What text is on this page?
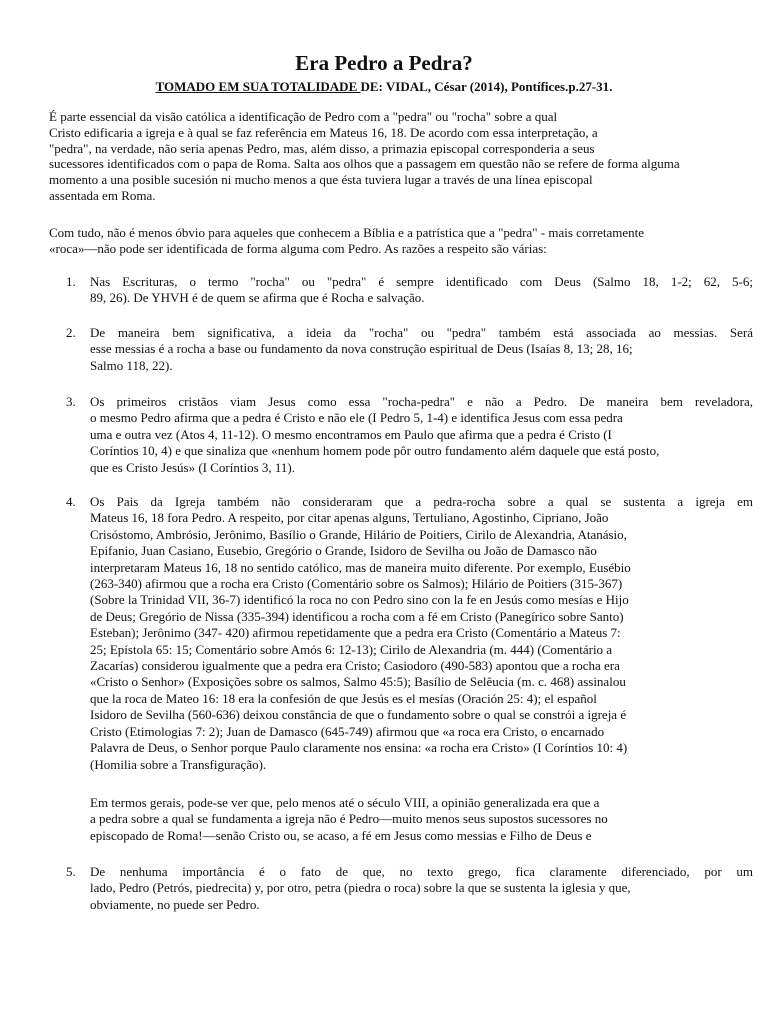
Era Pedro a Pedra?
TOMADO EM SUA TOTALIDADE DE: VIDAL, César (2014), Pontífices.p.27-31.
É parte essencial da visão católica a identificação de Pedro com a "pedra" ou "rocha" sobre a qual
Cristo edificaria a igreja e à qual se faz referência em Mateus 16, 18. De acordo com essa interpretação, a
"pedra", na verdade, não seria apenas Pedro, mas, além disso, a primazia episcopal corresponderia a seus
sucessores identificados com o papa de Roma. Salta aos olhos que a passagem em questão não se refere de forma alguma
momento a una posible sucesión ni mucho menos a que ésta tuviera lugar a través de una línea episcopal
assentada em Roma.
Com tudo, não é menos óbvio para aqueles que conhecem a Bíblia e a patrística que a "pedra" - mais corretamente
«roca»—não pode ser identificada de forma alguma com Pedro. As razões a respeito são várias:
1.	Nas Escrituras, o termo "rocha" ou "pedra" é sempre identificado com Deus (Salmo 18, 1-2; 62, 5-6;
89, 26). De YHVH é de quem se afirma que é Rocha e salvação.
2.	De maneira bem significativa, a ideia da "rocha" ou "pedra" também está associada ao messias. Será
esse messias é a rocha a base ou fundamento da nova construção espiritual de Deus (Isaías 8, 13; 28, 16;
Salmo 118, 22).
3.	Os primeiros cristãos viam Jesus como essa "rocha-pedra" e não a Pedro. De maneira bem reveladora,
o mesmo Pedro afirma que a pedra é Cristo e não ele (I Pedro 5, 1-4) e identifica Jesus com essa pedra
uma e outra vez (Atos 4, 11-12). O mesmo encontramos em Paulo que afirma que a pedra é Cristo (I
Coríntios 10, 4) e que sinaliza que «nenhum homem pode pôr outro fundamento além daquele que está posto,
que es Cristo Jesús» (I Coríntios 3, 11).
4.	Os Pais da Igreja também não consideraram que a pedra-rocha sobre a qual se sustenta a igreja em
Mateus 16, 18 fora Pedro. A respeito, por citar apenas alguns, Tertuliano, Agostinho, Cipriano, João
Crisóstomo, Ambrósio, Jerônimo, Basílio o Grande, Hilário de Poitiers, Cirilo de Alexandria, Atanásio,
Epifanio, Juan Casiano, Eusebio, Gregório o Grande, Isidoro de Sevilha ou João de Damasco não
interpretaram Mateus 16, 18 no sentido católico, mas de maneira muito diferente. Por exemplo, Eusébio
(263-340) afirmou que a rocha era Cristo (Comentário sobre os Salmos); Hilário de Poitiers (315-367)
(Sobre la Trinidad VII, 36-7) identificó la roca no con Pedro sino con la fe en Jesús como mesías e Hijo
de Deus; Gregório de Nissa (335-394) identificou a rocha com a fé em Cristo (Panegírico sobre Santo)
Esteban); Jerônimo (347- 420) afirmou repetidamente que a pedra era Cristo (Comentário a Mateus 7:
25; Epístola 65: 15; Comentário sobre Amós 6: 12-13); Cirilo de Alexandria (m. 444) (Comentário a
Zacarías) considerou igualmente que a pedra era Cristo; Casiodoro (490-583) apontou que a rocha era
«Cristo o Senhor» (Exposições sobre os salmos, Salmo 45:5); Basílio de Selêucia (m. c. 468) assinalou
que la roca de Mateo 16: 18 era la confesión de que Jesús es el mesías (Oración 25: 4); el español
Isidoro de Sevilha (560-636) deixou constância de que o fundamento sobre o qual se constrói a igreja é
Cristo (Etimologias 7: 2); Juan de Damasco (645-749) afirmou que «a roca era Cristo, o encarnado
Palavra de Deus, o Senhor porque Paulo claramente nos ensina: «a rocha era Cristo» (I Coríntios 10: 4)
(Homilia sobre a Transfiguração).
5.	De nenhuma importância é o fato de que, no texto grego, fica claramente diferenciado, por um
lado, Pedro (Petrós, piedrecita) y, por otro, petra (piedra o roca) sobre la que se sustenta la iglesia y que,
obviamente, no puede ser Pedro.
Em termos gerais, pode-se ver que, pelo menos até o século VIII, a opinião generalizada era que a
a pedra sobre a qual se fundamenta a igreja não é Pedro—muito menos seus supostos sucessores no
episcopado de Roma!—senão Cristo ou, se acaso, a fé em Jesus como messias e Filho de Deus e
